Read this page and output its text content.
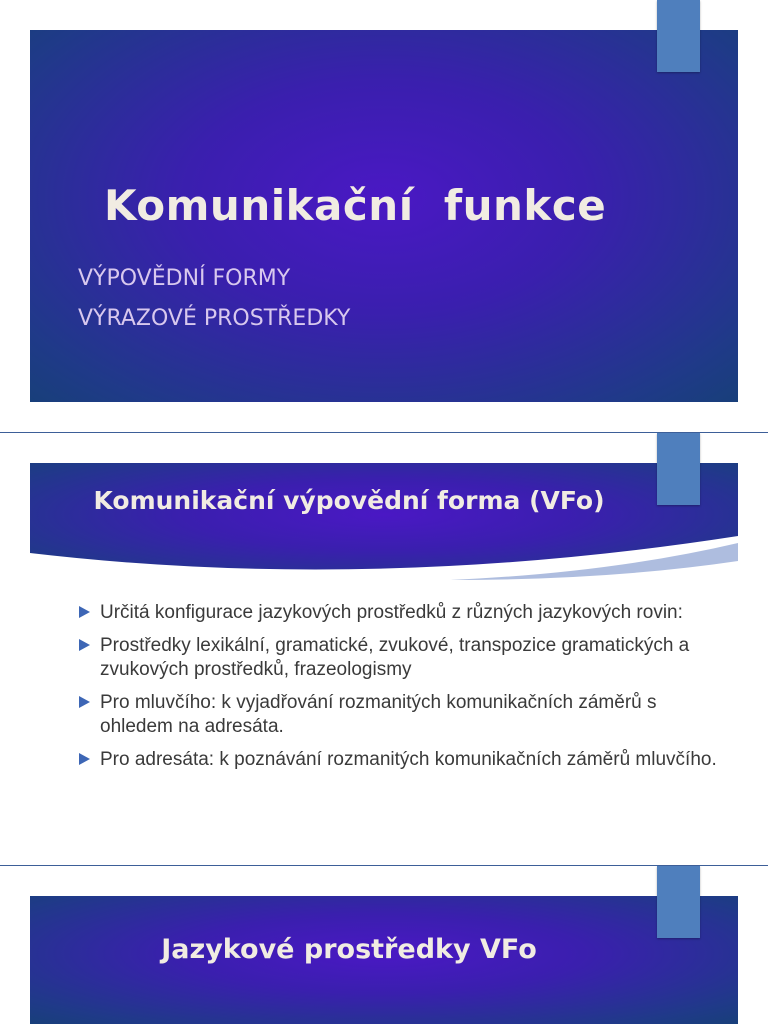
Komunikační  funkce

VÝPOVĚDNÍ FORMY

VÝRAZOVÉ PROSTŘEDKY

Komunikační výpovědní forma (VFo)
Určitá konfigurace jazykových prostředků z různých jazykových rovin:
Prostředky lexikální, gramatické, zvukové, transpozice gramatických a zvukových prostředků, frazeologismy
Pro mluvčího: k vyjadřování rozmanitých komunikačních záměrů s ohledem na adresáta.
Pro adresáta: k poznávání rozmanitých komunikačních záměrů mluvčího.
Jazykové prostředky VFo
